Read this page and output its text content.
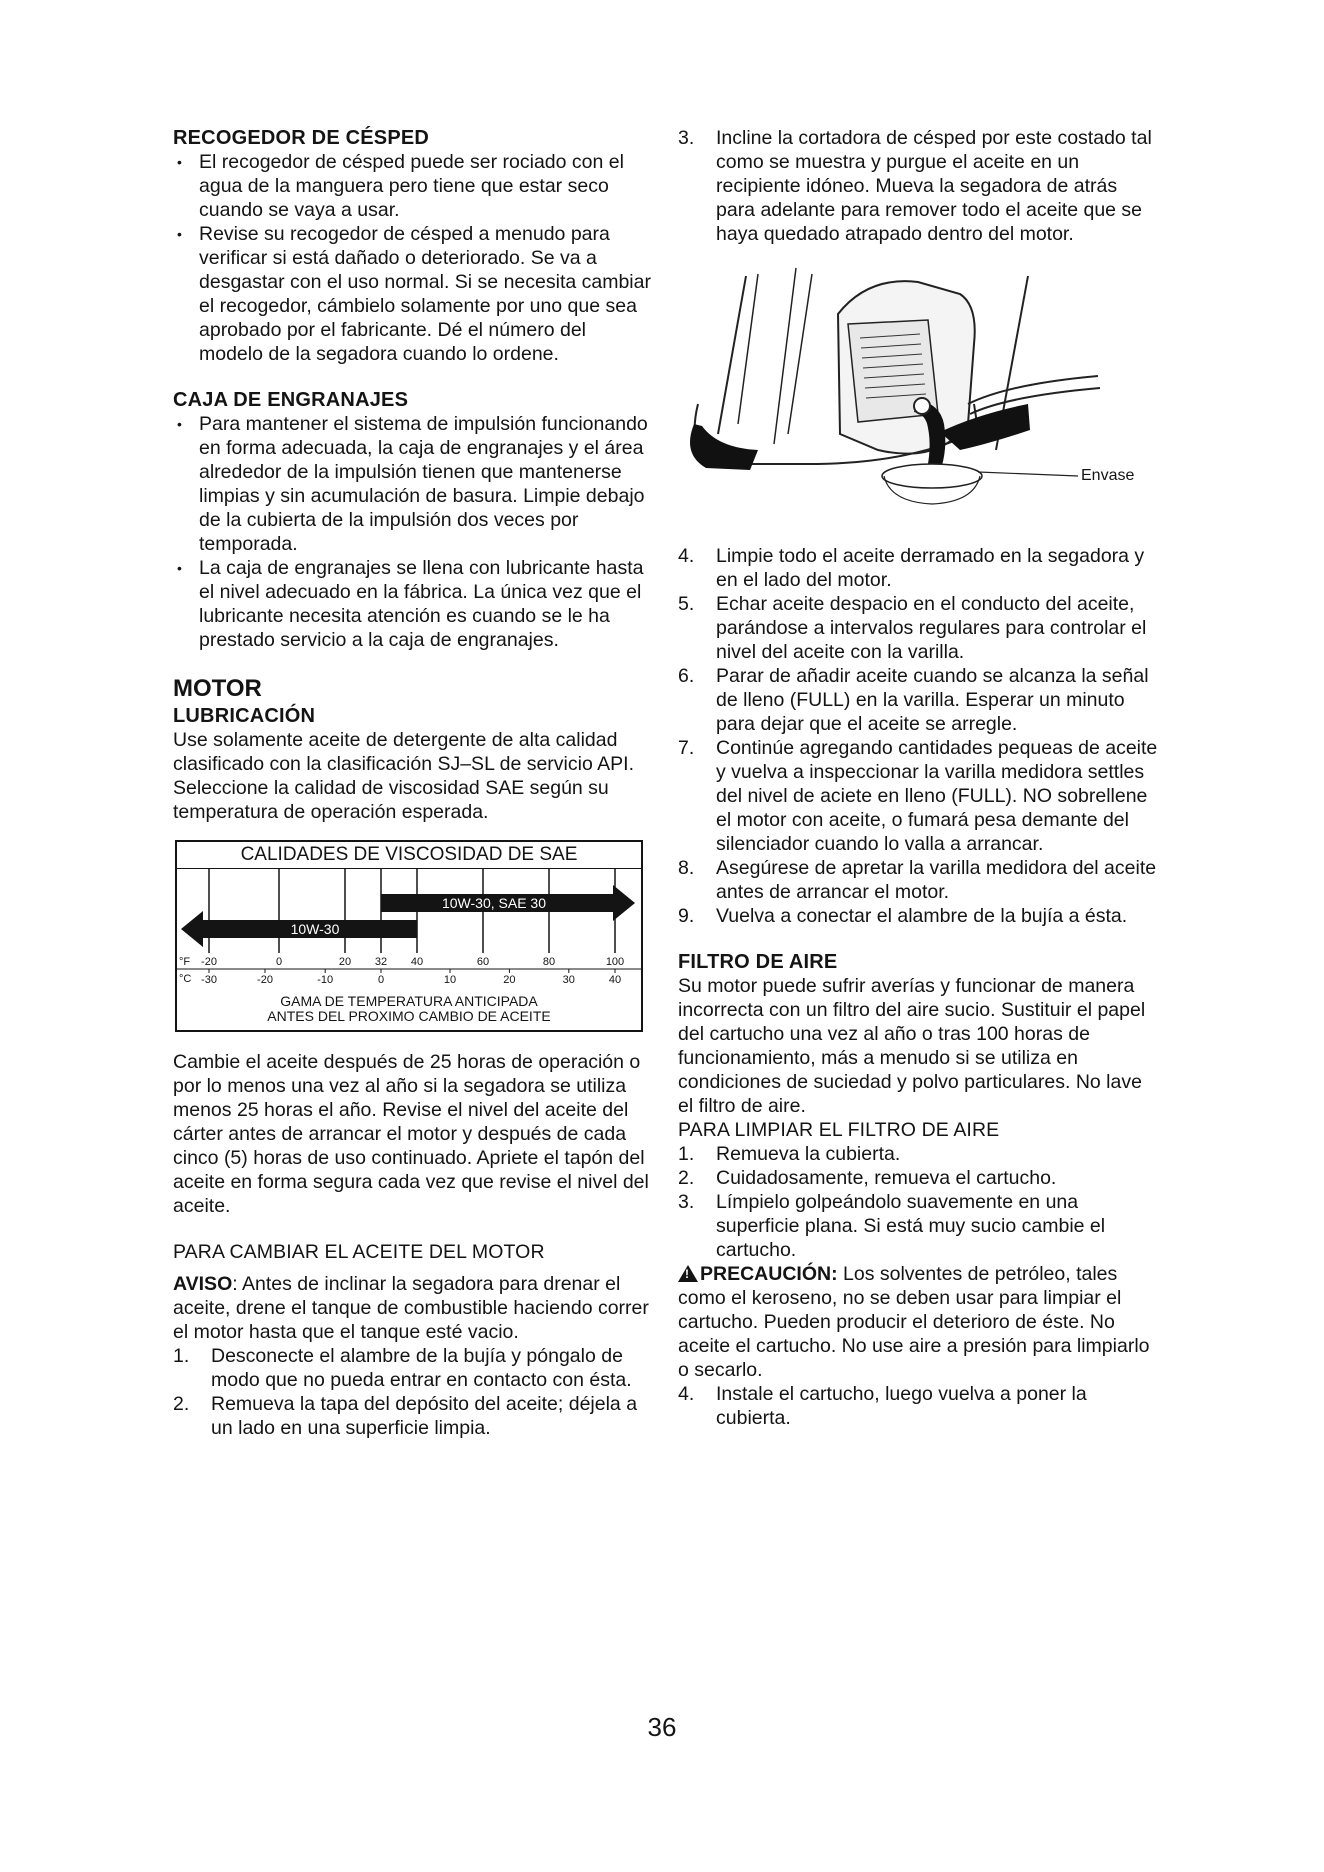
RECOGEDOR DE CÉSPED
• El recogedor de césped puede ser rociado con el agua de la manguera pero tiene que estar seco cuando se vaya a usar.
• Revise su recogedor de césped a menudo para verificar si está dañado o deteriorado. Se va a desgastar con el uso normal. Si se necesita cambiar el recogedor, cámbielo solamente por uno que sea aprobado por el fabricante. Dé el número del modelo de la segadora cuando lo ordene.
CAJA DE ENGRANAJES
• Para mantener el sistema de impulsión funcionando en forma adecuada, la caja de engranajes y el área alrededor de la impulsión tienen que mantenerse limpias y sin acumulación de basura. Limpie debajo de la cubierta de la impulsión dos veces por temporada.
• La caja de engranajes se llena con lubricante hasta el nivel adecuado en la fábrica. La única vez que el lubricante necesita atención es cuando se le ha prestado servicio a la caja de engranajes.
MOTOR
LUBRICACIÓN

Use solamente aceite de detergente de alta calidad clasificado con la clasificación SJ–SL de servicio API. Seleccione la calidad de viscosidad SAE según su temperatura de operación esperada.

CALIDADES DE VISCOSIDAD DE SAE
10W-30, SAE 30
10W-30
°F
°C
-20	0	20 32 40	60	80	100
-30	-20	-10	0	10	20	30	40
GAMA DE TEMPERATURA ANTICIPADA
ANTES DEL PROXIMO CAMBIO DE ACEITE

Cambie el aceite después de 25 horas de operación o por lo menos una vez al año si la segadora se utiliza menos 25 horas el año. Revise el nivel del aceite del cárter antes de arrancar el motor y después de cada cinco (5) horas de uso continuado. Apriete el tapón del aceite en forma segura cada vez que revise el nivel del aceite.

PARA CAMBIAR EL ACEITE DEL MOTOR

AVISO: Antes de inclinar la segadora para drenar el aceite, drene el tanque de combustible haciendo correr el motor hasta que el tanque esté vacio.

1. Desconecte el alambre de la bujía y póngalo de modo que no pueda entrar en contacto con ésta.
2. Remueva la tapa del depósito del aceite; déjela a un lado en una superficie limpia.
3. Incline la cortadora de césped por este costado tal como se muestra y purgue el aceite en un recipiente idóneo. Mueva la segadora de atrás para adelante para remover todo el aceite que se haya quedado atrapado dentro del motor.
Envase
4. Limpie todo el aceite derramado en la segadora y en el lado del motor.
5. Echar aceite despacio en el conducto del aceite, parándose a intervalos regulares para controlar el nivel del aceite con la varilla.
6. Parar de añadir aceite cuando se alcanza la señal de lleno (FULL) en la varilla. Esperar un minuto para dejar que el aceite se arregle.
7. Continúe agregando cantidades pequeas de aceite y vuelva a inspeccionar la varilla medidora settles del nivel de aciete en lleno (FULL). NO sobrellene el motor con aceite, o fumará pesa demante del silenciador cuando lo valla a arrancar.
8. Asegúrese de apretar la varilla medidora del aceite antes de arrancar el motor.
9. Vuelva a conectar el alambre de la bujía a ésta.
FILTRO DE AIRE

Su motor puede sufrir averías y funcionar de manera incorrecta con un filtro del aire sucio. Sustituir el papel del cartucho una vez al año o tras 100 horas de funcionamiento, más a menudo si se utiliza en condiciones de suciedad y polvo particulares. No lave el filtro de aire.

PARA LIMPIAR EL FILTRO DE AIRE

1. Remueva la cubierta.
2. Cuidadosamente, remueva el cartucho.
3. Límpielo golpeándolo suavemente en una superficie plana. Si está muy sucio cambie el cartucho.

!PRECAUCIÓN: Los solventes de petróleo, tales como el keroseno, no se deben usar para limpiar el cartucho. Pueden producir el deterioro de éste. No aceite el cartucho. No use aire a presión para limpiarlo o secarlo.

4. Instale el cartucho, luego vuelva a poner la cubierta.
36
